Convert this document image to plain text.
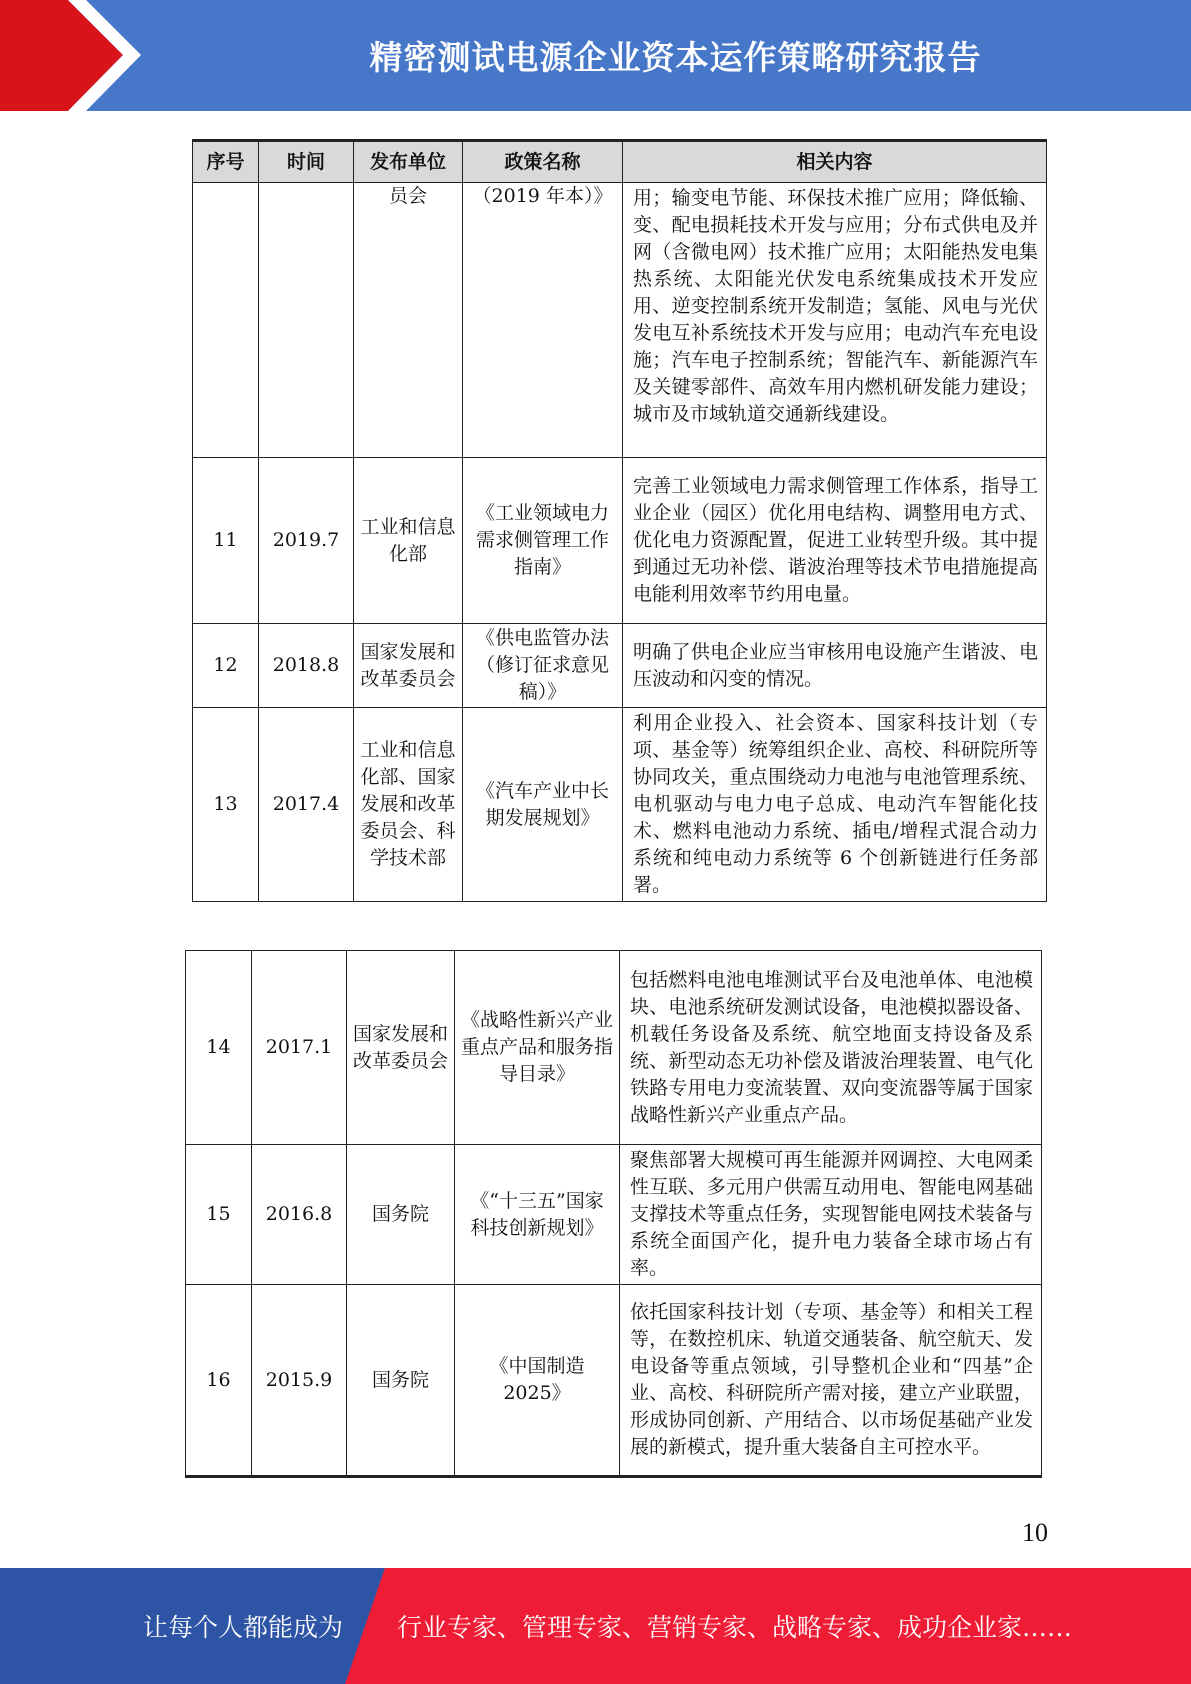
精密测试电源企业资本运作策略研究报告
序号	时间	发布单位	政策名称	相关内容
		员会	（2019 年本）》	用；输变电节能、环保技术推广应用；降低输、变、配电损耗技术开发与应用；分布式供电及并网（含微电网）技术推广应用；太阳能热发电集热系统、太阳能光伏发电系统集成技术开发应用、逆变控制系统开发制造；氢能、风电与光伏发电互补系统技术开发与应用；电动汽车充电设施；汽车电子控制系统；智能汽车、新能源汽车及关键零部件、高效车用内燃机研发能力建设；城市及市域轨道交通新线建设。
11	2019.7	工业和信息化部	《工业领域电力需求侧管理工作指南》	完善工业领域电力需求侧管理工作体系，指导工业企业（园区）优化用电结构、调整用电方式、优化电力资源配置，促进工业转型升级。其中提到通过无功补偿、谐波治理等技术节电措施提高电能利用效率节约用电量。
12	2018.8	国家发展和改革委员会	《供电监管办法（修订征求意见稿）》	明确了供电企业应当审核用电设施产生谐波、电压波动和闪变的情况。
13	2017.4	工业和信息化部、国家发展和改革委员会、科学技术部	《汽车产业中长期发展规划》	利用企业投入、社会资本、国家科技计划（专项、基金等）统筹组织企业、高校、科研院所等协同攻关，重点围绕动力电池与电池管理系统、电机驱动与电力电子总成、电动汽车智能化技术、燃料电池动力系统、插电/增程式混合动力系统和纯电动力系统等 6 个创新链进行任务部署。
14	2017.1	国家发展和改革委员会	《战略性新兴产业重点产品和服务指导目录》	包括燃料电池电堆测试平台及电池单体、电池模块、电池系统研发测试设备，电池模拟器设备、机载任务设备及系统、航空地面支持设备及系统、新型动态无功补偿及谐波治理装置、电气化铁路专用电力变流装置、双向变流器等属于国家战略性新兴产业重点产品。
15	2016.8	国务院	《“十三五”国家科技创新规划》	聚焦部署大规模可再生能源并网调控、大电网柔性互联、多元用户供需互动用电、智能电网基础支撑技术等重点任务，实现智能电网技术装备与系统全面国产化，提升电力装备全球市场占有率。
16	2015.9	国务院	《中国制造2025》	依托国家科技计划（专项、基金等）和相关工程等，在数控机床、轨道交通装备、航空航天、发电设备等重点领域，引导整机企业和“四基”企业、高校、科研院所产需对接，建立产业联盟，形成协同创新、产用结合、以市场促基础产业发展的新模式，提升重大装备自主可控水平。
10
让每个人都能成为 行业专家、管理专家、营销专家、战略专家、成功企业家……
